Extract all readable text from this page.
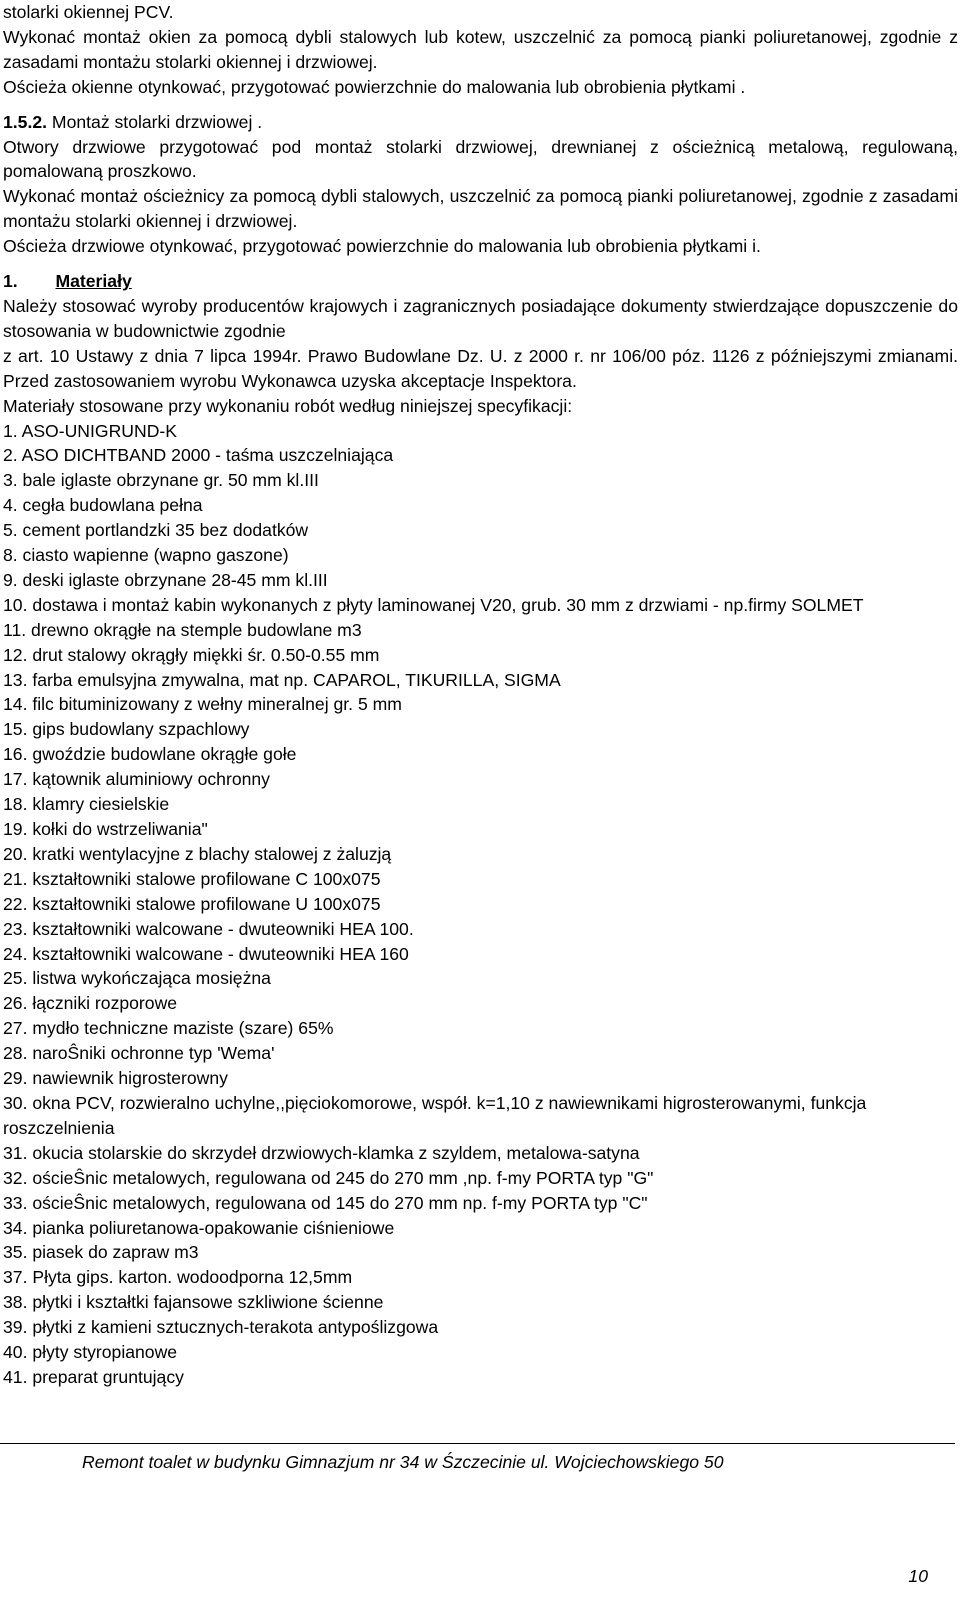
stolarki okiennej PCV.

Wykonać montaż okien za pomocą dybli stalowych lub kotew, uszczelnić za pomocą pianki poliuretanowej, zgodnie z zasadami montażu stolarki okiennej i drzwiowej.

Ościeża okienne otynkować, przygotować powierzchnie do malowania lub obrobienia płytkami .

1.5.2. Montaż stolarki drzwiowej .

Otwory drzwiowe przygotować pod montaż stolarki drzwiowej, drewnianej z ościeżnicą metalową, regulowaną, pomalowaną proszkowo.

Wykonać montaż ościeżnicy za pomocą dybli stalowych, uszczelnić za pomocą pianki poliuretanowej, zgodnie z zasadami montażu stolarki okiennej i drzwiowej.

Ościeża drzwiowe otynkować, przygotować powierzchnie do malowania lub obrobienia płytkami i.

1. Materiały

Należy stosować wyroby producentów krajowych i zagranicznych posiadające dokumenty stwierdzające dopuszczenie do stosowania w budownictwie zgodnie

z art. 10 Ustawy z dnia 7 lipca 1994r. Prawo Budowlane Dz. U. z 2000 r. nr 106/00 póz. 1126 z późniejszymi zmianami. Przed zastosowaniem wyrobu Wykonawca uzyska akceptacje Inspektora.

Materiały stosowane przy wykonaniu robót według niniejszej specyfikacji:

1. ASO-UNIGRUND-K
2. ASO DICHTBAND 2000 - taśma uszczelniająca
3. bale iglaste obrzynane gr. 50 mm kl.III
4. cegła budowlana pełna
5. cement portlandzki 35 bez dodatków
8. ciasto wapienne (wapno gaszone)
9. deski iglaste obrzynane 28-45 mm kl.III
10. dostawa i montaż kabin wykonanych z płyty laminowanej V20, grub. 30 mm z drzwiami - np.firmy SOLMET
11. drewno okrągłe na stemple budowlane m3
12. drut stalowy okrągły miękki śr. 0.50-0.55 mm
13. farba emulsyjna zmywalna, mat np. CAPAROL, TIKURILLA, SIGMA
14. filc bituminizowany z wełny mineralnej gr. 5 mm
15. gips budowlany szpachlowy
16. gwoździe budowlane okrągłe gołe
17. kątownik aluminiowy ochronny
18. klamry ciesielskie
19. kołki do wstrzeliwania"
20. kratki wentylacyjne z blachy stalowej z żaluzją
21. kształtowniki stalowe profilowane C 100x075
22. kształtowniki stalowe profilowane U 100x075
23. kształtowniki walcowane - dwuteowniki HEA 100.
24. kształtowniki walcowane - dwuteowniki HEA 160
25. listwa wykończająca mosiężna
26. łączniki rozporowe
27. mydło techniczne maziste (szare) 65%
28. naroŜniki ochronne typ 'Wema'
29. nawiewnik higrosterowny
30. okna PCV, rozwieralno uchylne,,pięciokomorowe, współ. k=1,10 z nawiewnikami higrosterowanymi, funkcja roszczelnienia
31. okucia stolarskie do skrzydeł drzwiowych-klamka z szyldem, metalowa-satyna
32. ościeŜnic metalowych, regulowana od 245 do 270 mm ,np. f-my PORTA typ "G"
33. ościeŜnic metalowych, regulowana od 145 do 270 mm np. f-my PORTA typ "C"
34. pianka poliuretanowa-opakowanie ciśnieniowe
35. piasek do zapraw m3
37. Płyta gips. karton. wodoodporna 12,5mm
38. płytki i kształtki fajansowe szkliwione ścienne
39. płytki z kamieni sztucznych-terakota antypoślizgowa
40. płyty styropianowe
41. preparat gruntujący
Remont toalet w budynku Gimnazjum nr 34 w Śzczecinie ul. Wojciechowskiego 50
10
